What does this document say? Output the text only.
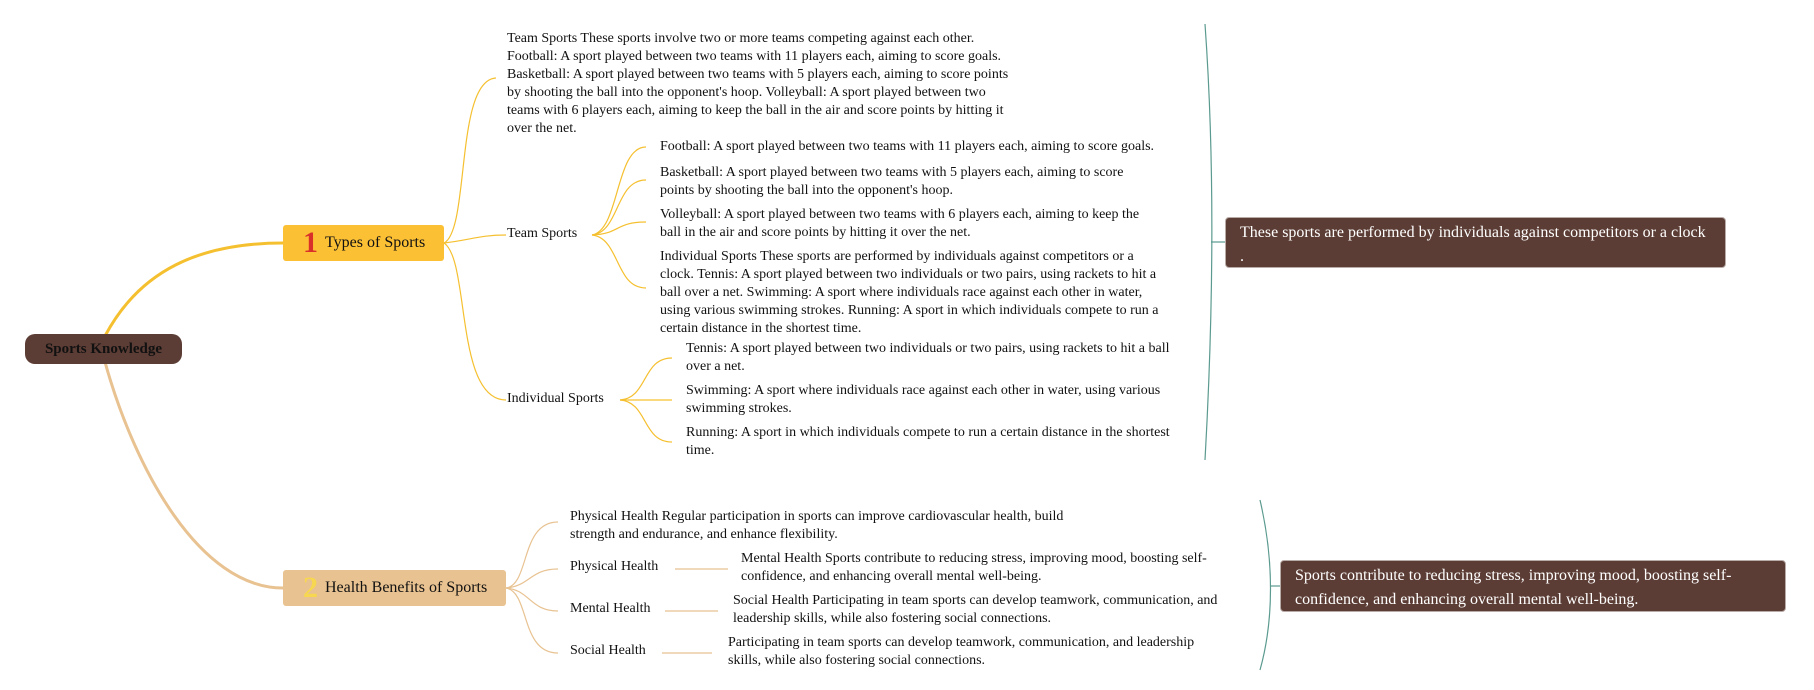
Sports Knowledge
1 Types of Sports
Team Sports These sports involve two or more teams competing against each other. Football: A sport played between two teams with 11 players each, aiming to score goals. Basketball: A sport played between two teams with 5 players each, aiming to score points by shooting the ball into the opponent's hoop. Volleyball: A sport played between two teams with 6 players each, aiming to keep the ball in the air and score points by hitting it over the net.
Team Sports
Football: A sport played between two teams with 11 players each, aiming to score goals.
Basketball: A sport played between two teams with 5 players each, aiming to score points by shooting the ball into the opponent's hoop.
Volleyball: A sport played between two teams with 6 players each, aiming to keep the ball in the air and score points by hitting it over the net.
Individual Sports These sports are performed by individuals against competitors or a clock. Tennis: A sport played between two individuals or two pairs, using rackets to hit a ball over a net. Swimming: A sport where individuals race against each other in water, using various swimming strokes. Running: A sport in which individuals compete to run a certain distance in the shortest time.
Individual Sports
Tennis: A sport played between two individuals or two pairs, using rackets to hit a ball over a net.
Swimming: A sport where individuals race against each other in water, using various swimming strokes.
Running: A sport in which individuals compete to run a certain distance in the shortest time.
These sports are performed by individuals against competitors or a clock .
2 Health Benefits of Sports
Physical Health Regular participation in sports can improve cardiovascular health, build strength and endurance, and enhance flexibility.
Physical Health
Mental Health Sports contribute to reducing stress, improving mood, boosting self-confidence, and enhancing overall mental well-being.
Mental Health
Social Health Participating in team sports can develop teamwork, communication, and leadership skills, while also fostering social connections.
Social Health
Participating in team sports can develop teamwork, communication, and leadership skills, while also fostering social connections.
Sports contribute to reducing stress, improving mood, boosting self-confidence, and enhancing overall mental well-being.
